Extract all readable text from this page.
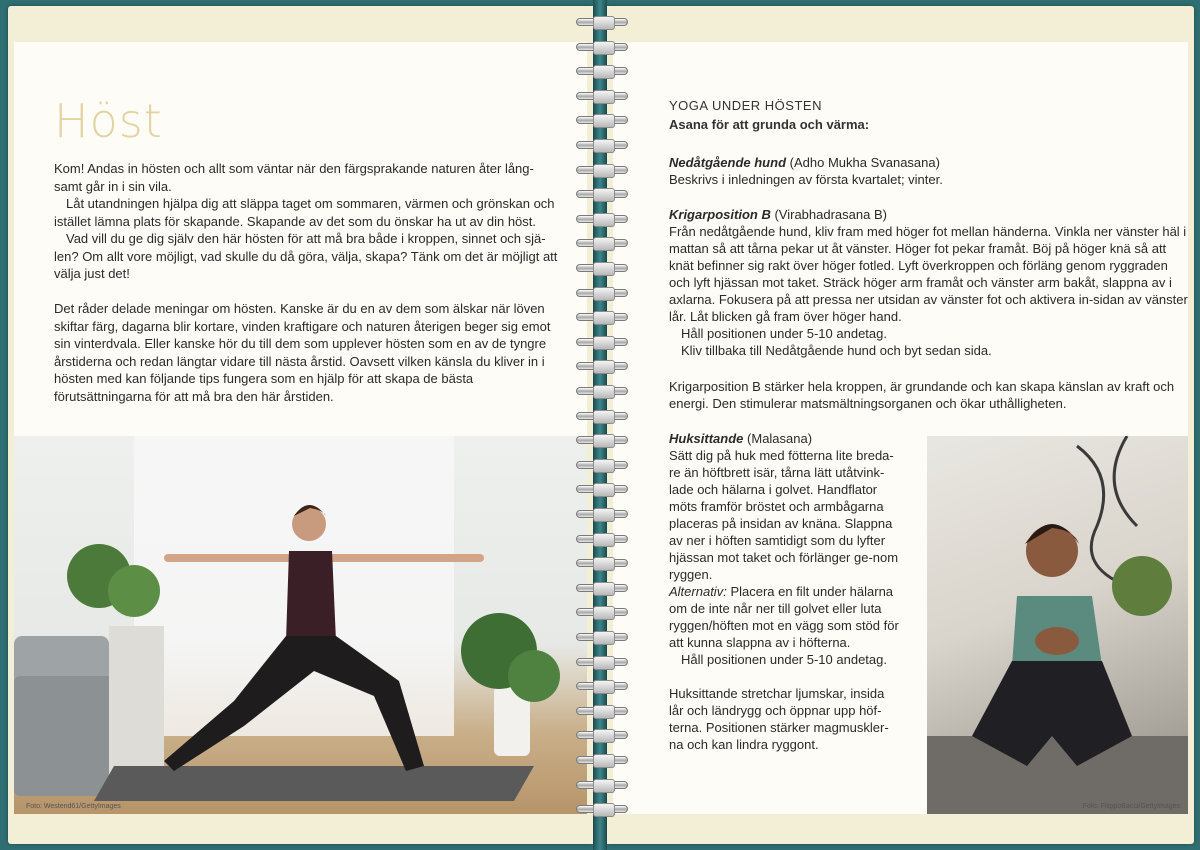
Höst

Kom! Andas in hösten och allt som väntar när den färgsprakande naturen åter lång-samt går in i sin vila.

Låt utandningen hjälpa dig att släppa taget om sommaren, värmen och grönskan och istället lämna plats för skapande. Skapande av det som du önskar ha ut av din höst.

Vad vill du ge dig själv den här hösten för att må bra både i kroppen, sinnet och sjä-len? Om allt vore möjligt, vad skulle du då göra, välja, skapa? Tänk om det är möjligt att välja just det!

Det råder delade meningar om hösten. Kanske är du en av dem som älskar när löven skiftar färg, dagarna blir kortare, vinden kraftigare och naturen återigen beger sig emot sin vinterdvala. Eller kanske hör du till dem som upplever hösten som en av de tyngre årstiderna och redan längtar vidare till nästa årstid. Oavsett vilken känsla du kliver in i hösten med kan följande tips fungera som en hjälp för att skapa de bästa förutsättningarna för att må bra den här årstiden.

Foto: Westend61/GettyImages
YOGA UNDER HÖSTEN
Asana för att grunda och värma:

Nedåtgående hund (Adho Mukha Svanasana)

Beskrivs i inledningen av första kvartalet; vinter.

Krigarposition B (Virabhadrasana B)

Från nedåtgående hund, kliv fram med höger fot mellan händerna. Vinkla ner vänster häl i mattan så att tårna pekar ut åt vänster. Höger fot pekar framåt. Böj på höger knä så att knät befinner sig rakt över höger fotled. Lyft överkroppen och förläng genom ryggraden och lyft hjässan mot taket. Sträck höger arm framåt och vänster arm bakåt, slappna av i axlarna. Fokusera på att pressa ner utsidan av vänster fot och aktivera in-sidan av vänster lår. Låt blicken gå fram över höger hand.

Håll positionen under 5-10 andetag.

Kliv tillbaka till Nedåtgående hund och byt sedan sida.

Krigarposition B stärker hela kroppen, är grundande och kan skapa känslan av kraft och energi. Den stimulerar matsmältningsorganen och ökar uthålligheten.

Huksittande (Malasana)

Sätt dig på huk med fötterna lite breda-re än höftbrett isär, tårna lätt utåtvink-lade och hälarna i golvet. Handflator möts framför bröstet och armbågarna placeras på insidan av knäna. Slappna av ner i höften samtidigt som du lyfter hjässan mot taket och förlänger ge-nom ryggen.

Alternativ: Placera en filt under hälarna om de inte når ner till golvet eller luta ryggen/höften mot en vägg som stöd för att kunna slappna av i höfterna.

Håll positionen under 5-10 andetag.

Huksittande stretchar ljumskar, insida lår och ländrygg och öppnar upp höf-terna. Positionen stärker magmuskler-na och kan lindra ryggont.

Foto: FilippoBacci/GettyImages
